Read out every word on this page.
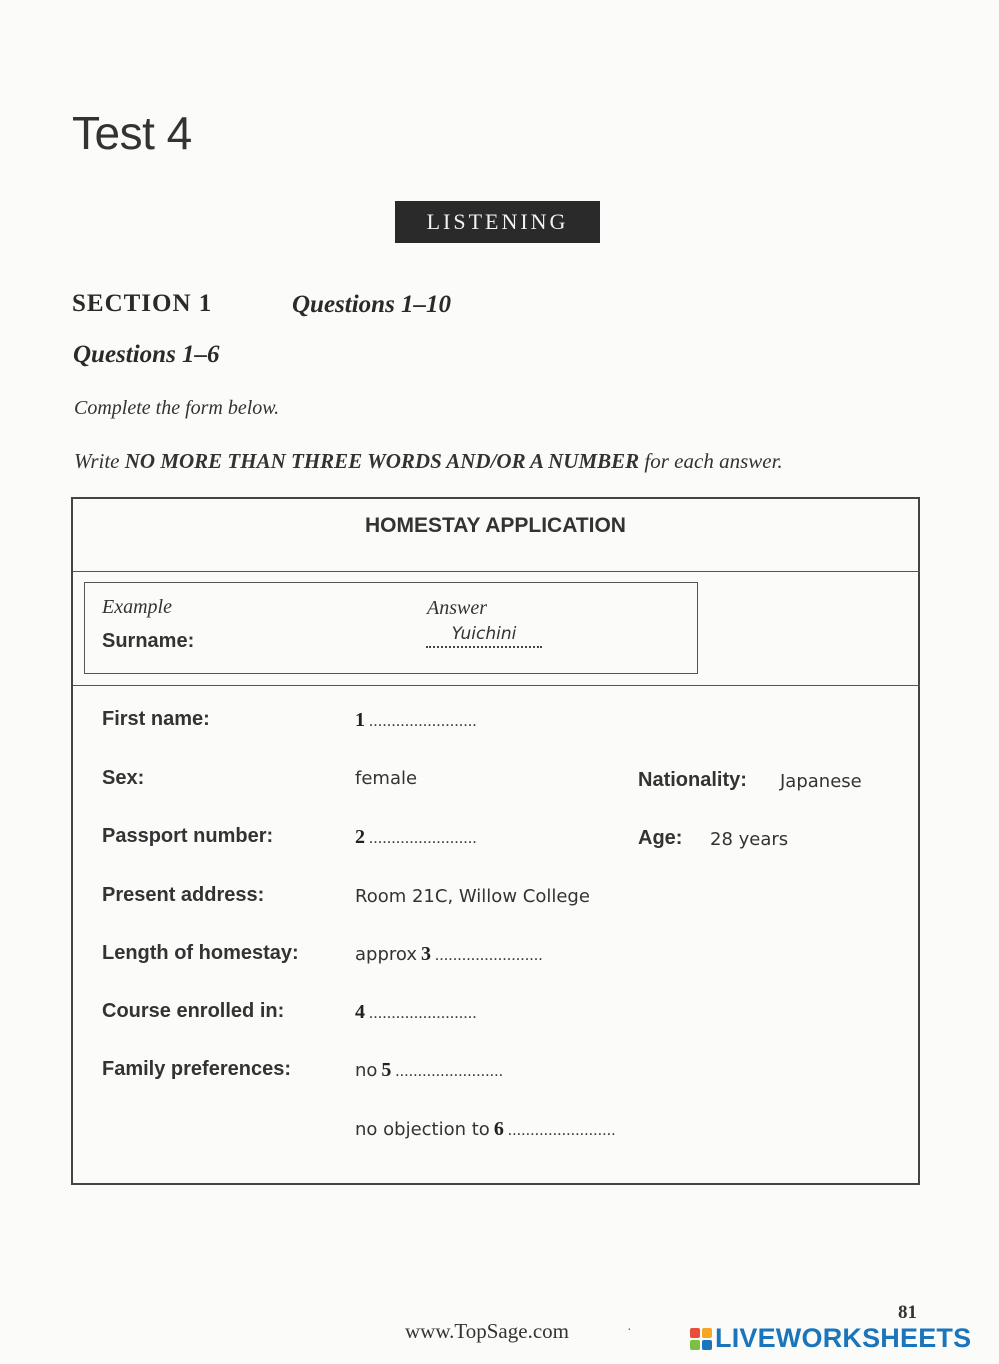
Test 4
LISTENING
SECTION 1	Questions 1–10
Questions 1–6
Complete the form below.
Write NO MORE THAN THREE WORDS AND/OR A NUMBER for each answer.
HOMESTAY APPLICATION
Example	Answer
Surname:	Yuichini
First name:	1 ........................
Sex:	female	Nationality: Japanese
Passport number:	2 ........................	Age: 28 years
Present address:	Room 21C, Willow College
Length of homestay:	approx 3 ........................
Course enrolled in:	4 ........................
Family preferences:	no 5 ........................
no objection to 6 ........................
81
www.TopSage.com	·	LIVEWORKSHEETS
